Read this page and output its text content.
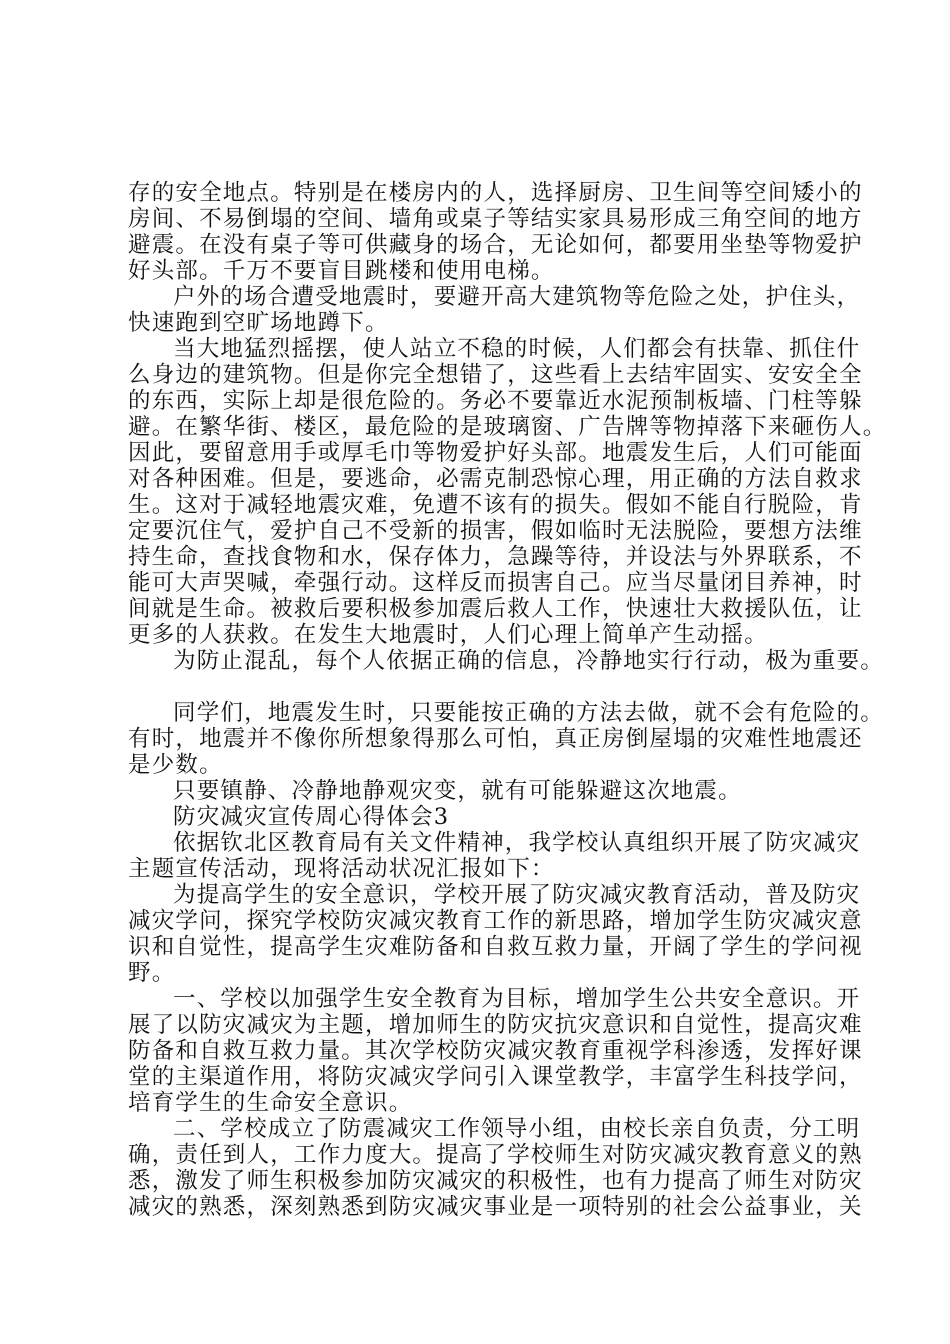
存的安全地点。特别是在楼房内的人，选择厨房、卫生间等空间矮小的
房间、不易倒塌的空间、墙角或桌子等结实家具易形成三角空间的地方
避震。在没有桌子等可供藏身的场合，无论如何，都要用坐垫等物爱护
好头部。千万不要盲目跳楼和使用电梯。
户外的场合遭受地震时，要避开高大建筑物等危险之处，护住头，
快速跑到空旷场地蹲下。
当大地猛烈摇摆，使人站立不稳的时候，人们都会有扶靠、抓住什
么身边的建筑物。但是你完全想错了，这些看上去结牢固实、安安全全
的东西，实际上却是很危险的。务必不要靠近水泥预制板墙、门柱等躲
避。在繁华街、楼区，最危险的是玻璃窗、广告牌等物掉落下来砸伤人。
因此，要留意用手或厚毛巾等物爱护好头部。地震发生后，人们可能面
对各种困难。但是，要逃命，必需克制恐惊心理，用正确的方法自救求
生。这对于减轻地震灾难，免遭不该有的损失。假如不能自行脱险，肯
定要沉住气，爱护自己不受新的损害，假如临时无法脱险，要想方法维
持生命，查找食物和水，保存体力，急躁等待，并设法与外界联系，不
能可大声哭喊，牵强行动。这样反而损害自己。应当尽量闭目养神，时
间就是生命。被救后要积极参加震后救人工作，快速壮大救援队伍，让
更多的人获救。在发生大地震时，人们心理上简单产生动摇。
为防止混乱，每个人依据正确的信息，冷静地实行行动，极为重要。
同学们，地震发生时，只要能按正确的方法去做，就不会有危险的。
有时，地震并不像你所想象得那么可怕，真正房倒屋塌的灾难性地震还
是少数。
只要镇静、冷静地静观灾变，就有可能躲避这次地震。
防灾减灾宣传周心得体会3
依据钦北区教育局有关文件精神，我学校认真组织开展了防灾减灾
主题宣传活动，现将活动状况汇报如下：
为提高学生的安全意识，学校开展了防灾减灾教育活动，普及防灾
减灾学问，探究学校防灾减灾教育工作的新思路，增加学生防灾减灾意
识和自觉性，提高学生灾难防备和自救互救力量，开阔了学生的学问视
野。
一、学校以加强学生安全教育为目标，增加学生公共安全意识。开
展了以防灾减灾为主题，增加师生的防灾抗灾意识和自觉性，提高灾难
防备和自救互救力量。其次学校防灾减灾教育重视学科渗透，发挥好课
堂的主渠道作用，将防灾减灾学问引入课堂教学，丰富学生科技学问，
培育学生的生命安全意识。
二、学校成立了防震减灾工作领导小组，由校长亲自负责，分工明
确，责任到人，工作力度大。提高了学校师生对防灾减灾教育意义的熟
悉，激发了师生积极参加防灾减灾的积极性，也有力提高了师生对防灾
减灾的熟悉，深刻熟悉到防灾减灾事业是一项特别的社会公益事业，关
